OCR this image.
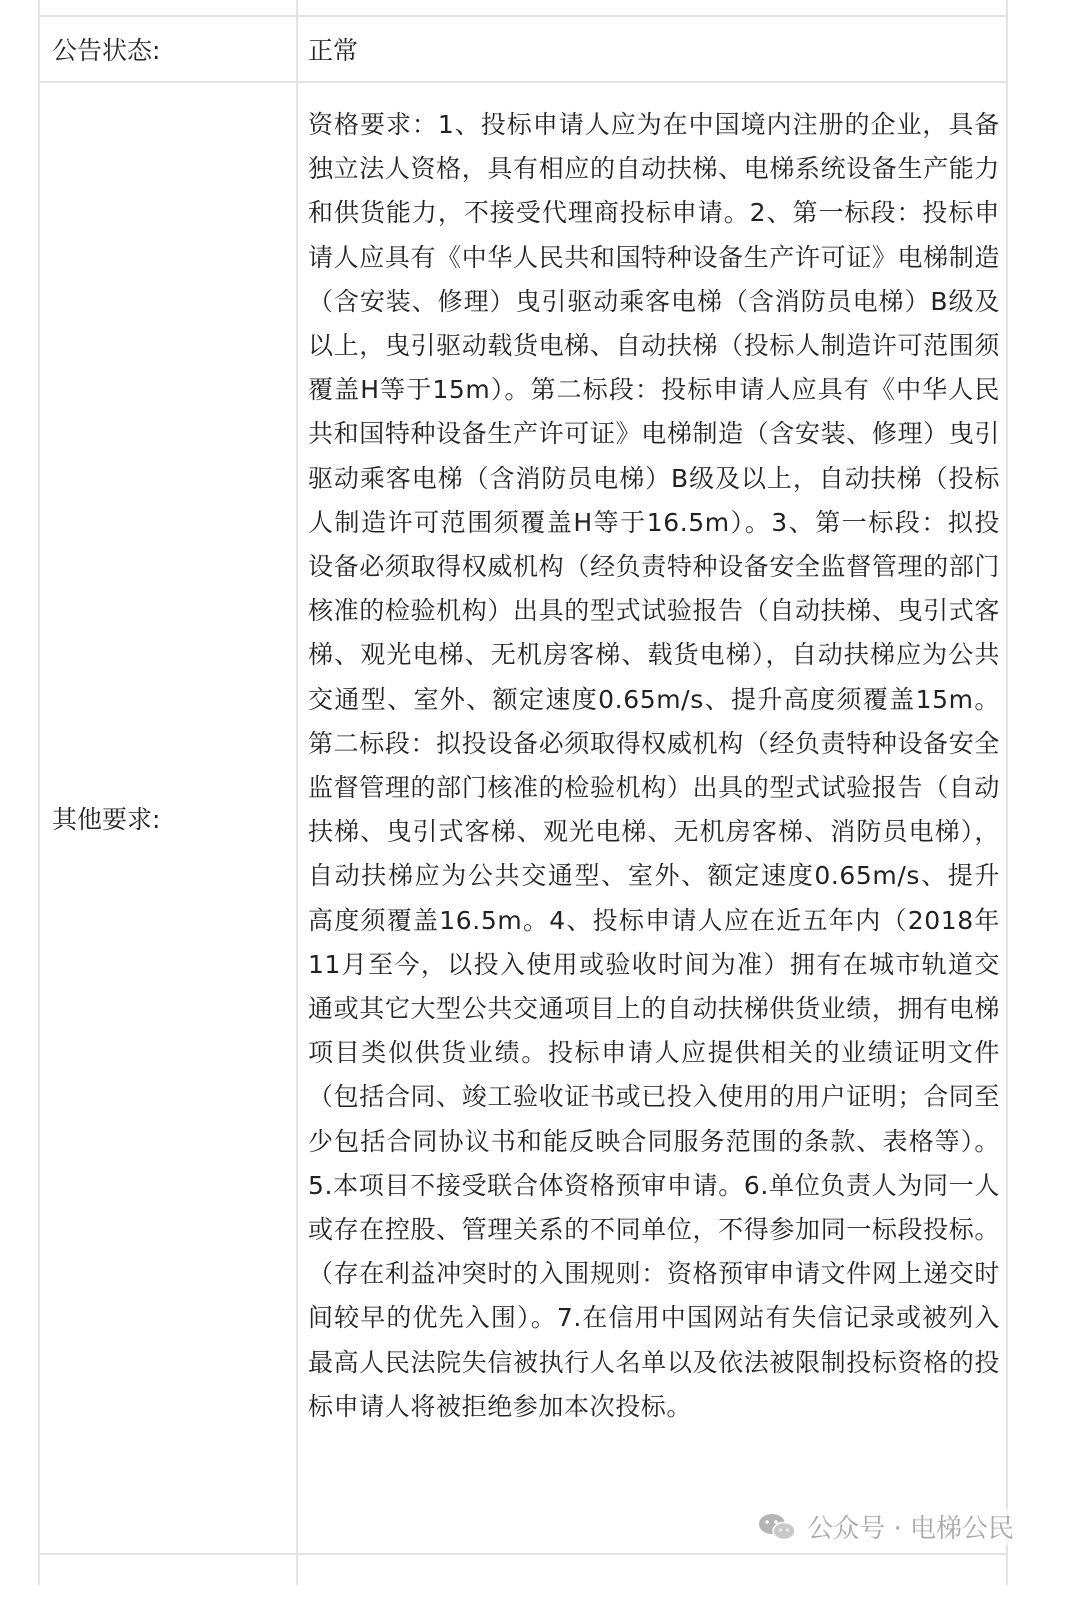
公告状态:	正常
其他要求:
资格要求：1、投标申请人应为在中国境内注册的企业，具备独立法人资格，具有相应的自动扶梯、电梯系统设备生产能力和供货能力，不接受代理商投标申请。2、第一标段：投标申请人应具有《中华人民共和国特种设备生产许可证》电梯制造（含安装、修理）曳引驱动乘客电梯（含消防员电梯）B级及以上，曳引驱动载货电梯、自动扶梯（投标人制造许可范围须覆盖H等于15m）。第二标段：投标申请人应具有《中华人民共和国特种设备生产许可证》电梯制造（含安装、修理）曳引驱动乘客电梯（含消防员电梯）B级及以上，自动扶梯（投标人制造许可范围须覆盖H等于16.5m）。3、第一标段：拟投设备必须取得权威机构（经负责特种设备安全监督管理的部门核准的检验机构）出具的型式试验报告（自动扶梯、曳引式客梯、观光电梯、无机房客梯、载货电梯），自动扶梯应为公共交通型、室外、额定速度0.65m/s、提升高度须覆盖15m。第二标段：拟投设备必须取得权威机构（经负责特种设备安全监督管理的部门核准的检验机构）出具的型式试验报告（自动扶梯、曳引式客梯、观光电梯、无机房客梯、消防员电梯），自动扶梯应为公共交通型、室外、额定速度0.65m/s、提升高度须覆盖16.5m。4、投标申请人应在近五年内（2018年11月至今，以投入使用或验收时间为准）拥有在城市轨道交通或其它大型公共交通项目上的自动扶梯供货业绩，拥有电梯项目类似供货业绩。投标申请人应提供相关的业绩证明文件（包括合同、竣工验收证书或已投入使用的用户证明；合同至少包括合同协议书和能反映合同服务范围的条款、表格等）。5.本项目不接受联合体资格预审申请。6.单位负责人为同一人或存在控股、管理关系的不同单位，不得参加同一标段投标。（存在利益冲突时的入围规则：资格预审申请文件网上递交时间较早的优先入围）。7.在信用中国网站有失信记录或被列入最高人民法院失信被执行人名单以及依法被限制投标资格的投标申请人将被拒绝参加本次投标。
公众号 · 电梯公民
